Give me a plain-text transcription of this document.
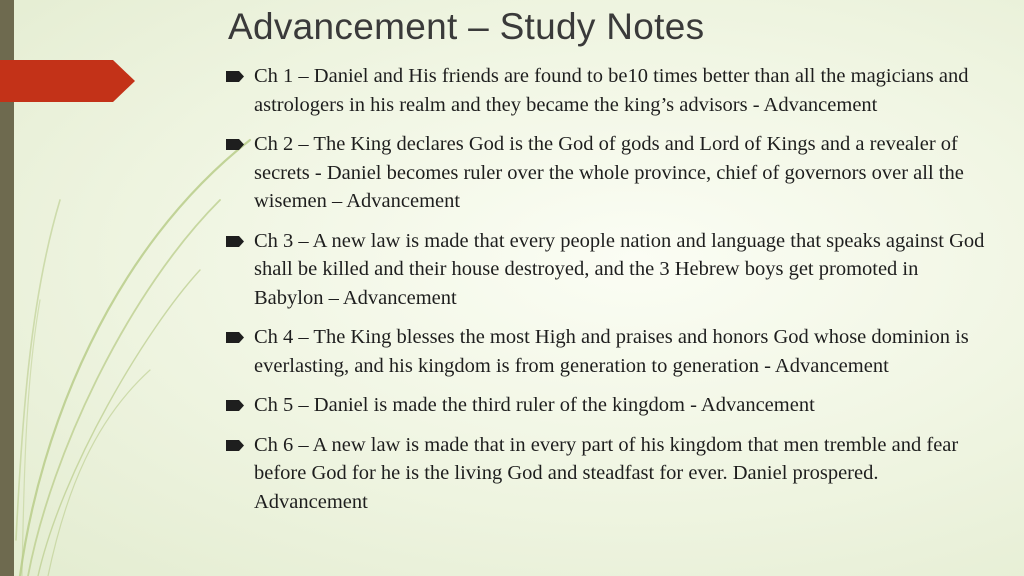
Advancement – Study Notes
Ch 1 – Daniel and His friends are found to be10 times better than all the magicians and astrologers in his realm and they became the king’s advisors - Advancement
Ch 2 – The King declares God is the God of gods and Lord of Kings and a revealer of secrets - Daniel becomes ruler over the whole province, chief of governors over all the wisemen – Advancement
Ch 3 – A new law is made that every people nation and language that speaks against God shall be killed and their house destroyed, and the 3 Hebrew boys get promoted in Babylon – Advancement
Ch 4 – The King blesses the most High and praises and honors God whose dominion is everlasting, and his kingdom is from generation to generation - Advancement
Ch 5 – Daniel is made the third ruler of the kingdom - Advancement
Ch 6 – A new law is made that in every part of his kingdom that men tremble and fear before God for he is the living God and steadfast for ever. Daniel prospered. Advancement
